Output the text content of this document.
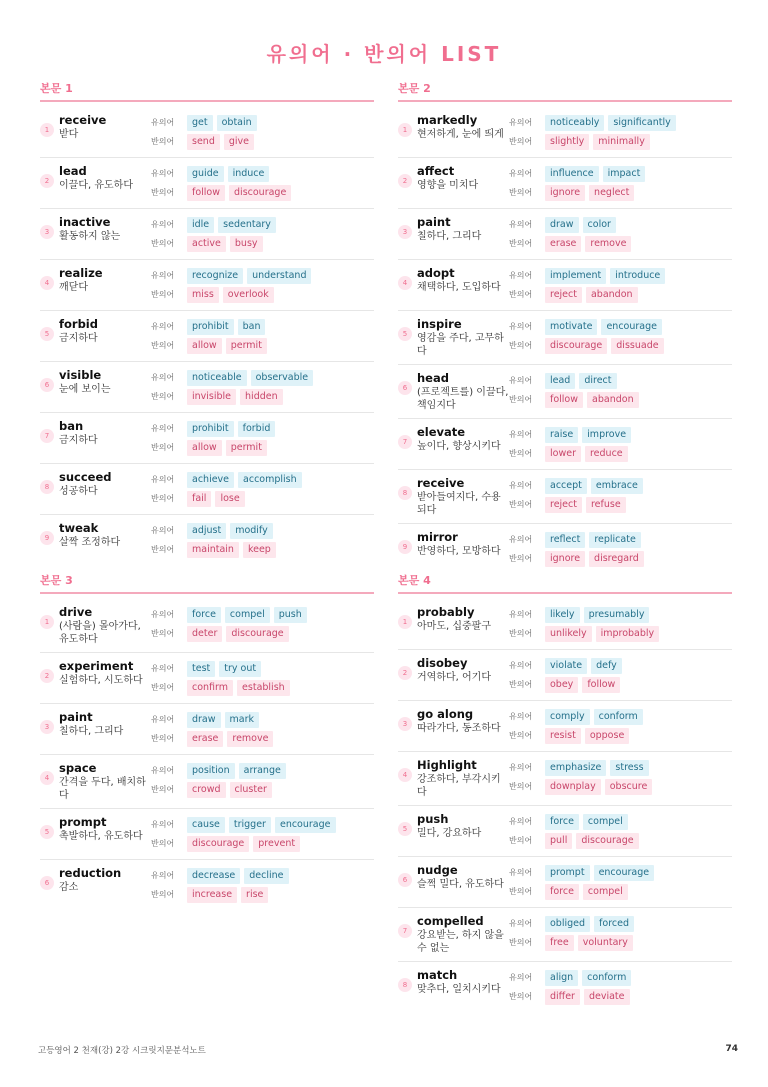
유의어 · 반의어 LIST
본문 1
1
receive
받다
유의어	get	obtain
반의어	send	give
2
lead
이끌다, 유도하다
유의어	guide	induce
반의어	follow	discourage
3
inactive
활동하지 않는
유의어	idle	sedentary
반의어	active	busy
4
realize
깨닫다
유의어	recognize	understand
반의어	miss	overlook
5
forbid
금지하다
유의어	prohibit	ban
반의어	allow	permit
6
visible
눈에 보이는
유의어	noticeable	observable
반의어	invisible	hidden
7
ban
금지하다
유의어	prohibit	forbid
반의어	allow	permit
8
succeed
성공하다
유의어	achieve	accomplish
반의어	fail	lose
9
tweak
살짝 조정하다
유의어	adjust	modify
반의어	maintain	keep
본문 2
1
markedly
현저하게, 눈에 띄게
유의어	noticeably	significantly
반의어	slightly	minimally
2
affect
영향을 미치다
유의어	influence	impact
반의어	ignore	neglect
3
paint
칠하다, 그리다
유의어	draw	color
반의어	erase	remove
4
adopt
채택하다, 도입하다
유의어	implement	introduce
반의어	reject	abandon
5
inspire
영감을 주다, 고무하다
유의어	motivate	encourage
반의어	discourage	dissuade
6
head
(프로젝트를) 이끌다, 책임지다
유의어	lead	direct
반의어	follow	abandon
7
elevate
높이다, 향상시키다
유의어	raise	improve
반의어	lower	reduce
8
receive
받아들여지다, 수용되다
유의어	accept	embrace
반의어	reject	refuse
9
mirror
반영하다, 모방하다
유의어	reflect	replicate
반의어	ignore	disregard
본문 3
1
drive
(사람을) 몰아가다, 유도하다
유의어	force	compel	push
반의어	deter	discourage
2
experiment
실험하다, 시도하다
유의어	test	try out
반의어	confirm	establish
3
paint
칠하다, 그리다
유의어	draw	mark
반의어	erase	remove
4
space
간격을 두다, 배치하다
유의어	position	arrange
반의어	crowd	cluster
5
prompt
촉발하다, 유도하다
유의어	cause	trigger	encourage
반의어	discourage	prevent
6
reduction
감소
유의어	decrease	decline
반의어	increase	rise
본문 4
1
probably
아마도, 십중팔구
유의어	likely	presumably
반의어	unlikely	improbably
2
disobey
거역하다, 어기다
유의어	violate	defy
반의어	obey	follow
3
go along
따라가다, 동조하다
유의어	comply	conform
반의어	resist	oppose
4
Highlight
강조하다, 부각시키다
유의어	emphasize	stress
반의어	downplay	obscure
5
push
밀다, 강요하다
유의어	force	compel
반의어	pull	discourage
6
nudge
슬쩍 밀다, 유도하다
유의어	prompt	encourage
반의어	force	compel
7
compelled
강요받는, 하지 않을 수 없는
유의어	obliged	forced
반의어	free	voluntary
8
match
맞추다, 일치시키다
유의어	align	conform
반의어	differ	deviate
고등영어 2 천재(강) 2강 시크릿지문분석노트	74
